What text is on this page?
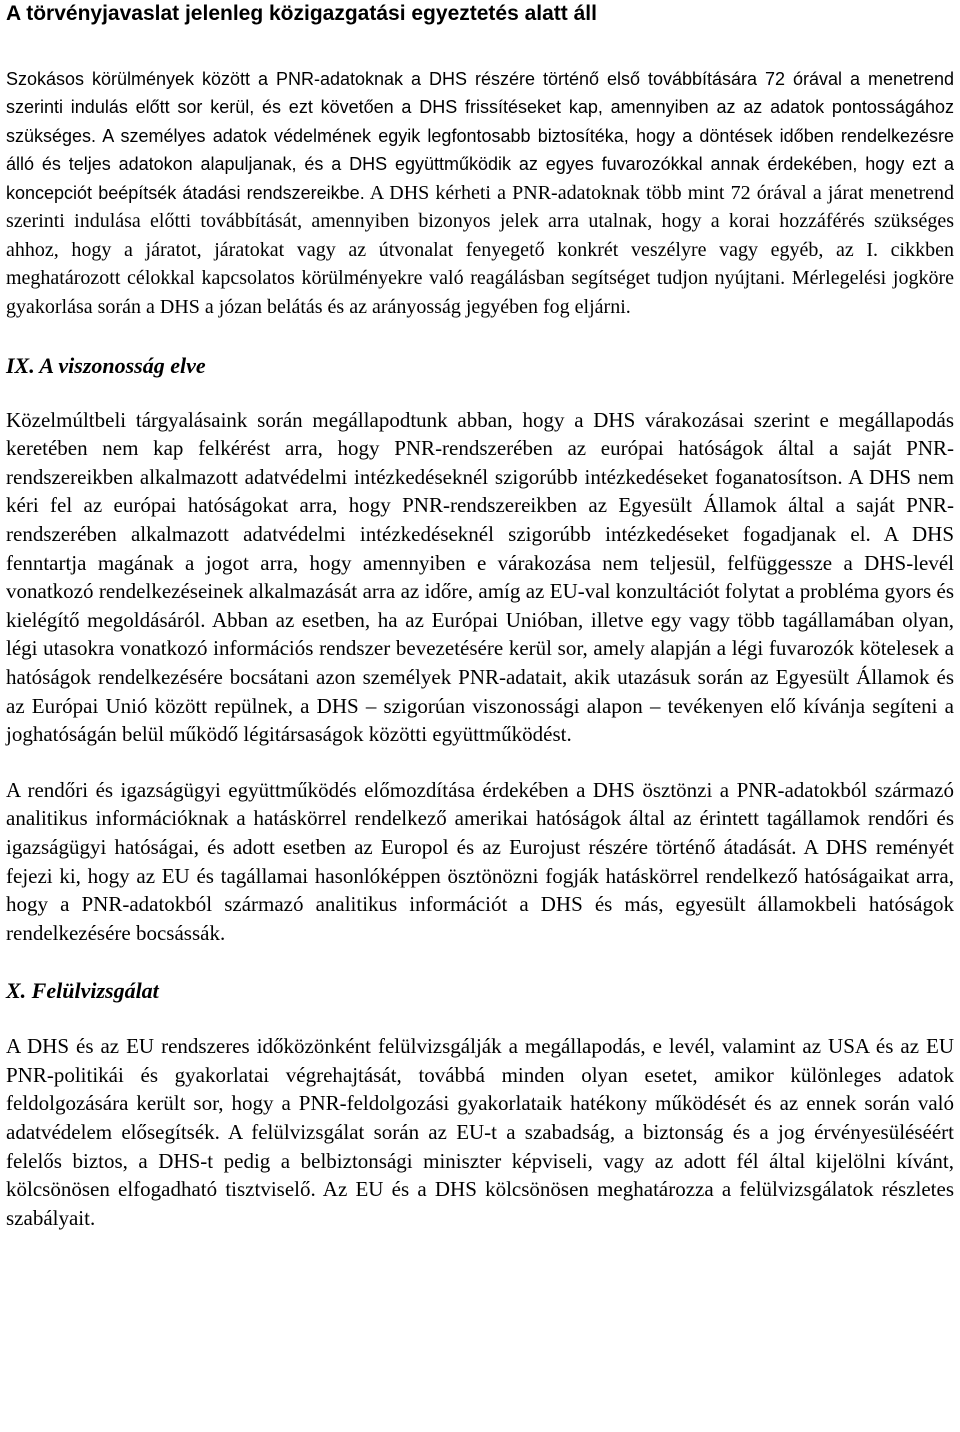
A törvényjavaslat jelenleg közigazgatási egyeztetés alatt áll

Szokásos körülmények között a PNR-adatoknak a DHS részére történő első továbbítására 72 órával a menetrend szerinti indulás előtt sor kerül, és ezt követően a DHS frissítéseket kap, amennyiben az az adatok pontosságához szükséges. A személyes adatok védelmének egyik legfontosabb biztosítéka, hogy a döntések időben rendelkezésre álló és teljes adatokon alapuljanak, és a DHS együttműködik az egyes fuvarozókkal annak érdekében, hogy ezt a koncepciót beépítsék átadási rendszereikbe. A DHS kérheti a PNR-adatoknak több mint 72 órával a járat menetrend szerinti indulása előtti továbbítását, amennyiben bizonyos jelek arra utalnak, hogy a korai hozzáférés szükséges ahhoz, hogy a járatot, járatokat vagy az útvonalat fenyegető konkrét veszélyre vagy egyéb, az I. cikkben meghatározott célokkal kapcsolatos körülményekre való reagálásban segítséget tudjon nyújtani. Mérlegelési jogköre gyakorlása során a DHS a józan belátás és az arányosság jegyében fog eljárni.

IX. A viszonosság elve

Közelmúltbeli tárgyalásaink során megállapodtunk abban, hogy a DHS várakozásai szerint e megállapodás keretében nem kap felkérést arra, hogy PNR-rendszerében az európai hatóságok által a saját PNR-rendszereikben alkalmazott adatvédelmi intézkedéseknél szigorúbb intézkedéseket foganatosítson. A DHS nem kéri fel az európai hatóságokat arra, hogy PNR-rendszereikben az Egyesült Államok által a saját PNR-rendszerében alkalmazott adatvédelmi intézkedéseknél szigorúbb intézkedéseket fogadjanak el. A DHS fenntartja magának a jogot arra, hogy amennyiben e várakozása nem teljesül, felfüggessze a DHS-levél vonatkozó rendelkezéseinek alkalmazását arra az időre, amíg az EU-val konzultációt folytat a probléma gyors és kielégítő megoldásáról. Abban az esetben, ha az Európai Unióban, illetve egy vagy több tagállamában olyan, légi utasokra vonatkozó információs rendszer bevezetésére kerül sor, amely alapján a légi fuvarozók kötelesek a hatóságok rendelkezésére bocsátani azon személyek PNR-adatait, akik utazásuk során az Egyesült Államok és az Európai Unió között repülnek, a DHS – szigorúan viszonossági alapon – tevékenyen elő kívánja segíteni a joghatóságán belül működő légitársaságok közötti együttműködést.

A rendőri és igazságügyi együttműködés előmozdítása érdekében a DHS ösztönzi a PNR-adatokból származó analitikus információknak a hatáskörrel rendelkező amerikai hatóságok által az érintett tagállamok rendőri és igazságügyi hatóságai, és adott esetben az Europol és az Eurojust részére történő átadását. A DHS reményét fejezi ki, hogy az EU és tagállamai hasonlóképpen ösztönözni fogják hatáskörrel rendelkező hatóságaikat arra, hogy a PNR-adatokból származó analitikus információt a DHS és más, egyesült államokbeli hatóságok rendelkezésére bocsássák.

X. Felülvizsgálat

A DHS és az EU rendszeres időközönként felülvizsgálják a megállapodás, e levél, valamint az USA és az EU PNR-politikái és gyakorlatai végrehajtását, továbbá minden olyan esetet, amikor különleges adatok feldolgozására került sor, hogy a PNR-feldolgozási gyakorlataik hatékony működését és az ennek során való adatvédelem elősegítsék. A felülvizsgálat során az EU-t a szabadság, a biztonság és a jog érvényesüléséért felelős biztos, a DHS-t pedig a belbiztonsági miniszter képviseli, vagy az adott fél által kijelölni kívánt, kölcsönösen elfogadható tisztviselő. Az EU és a DHS kölcsönösen meghatározza a felülvizsgálatok részletes szabályait.
